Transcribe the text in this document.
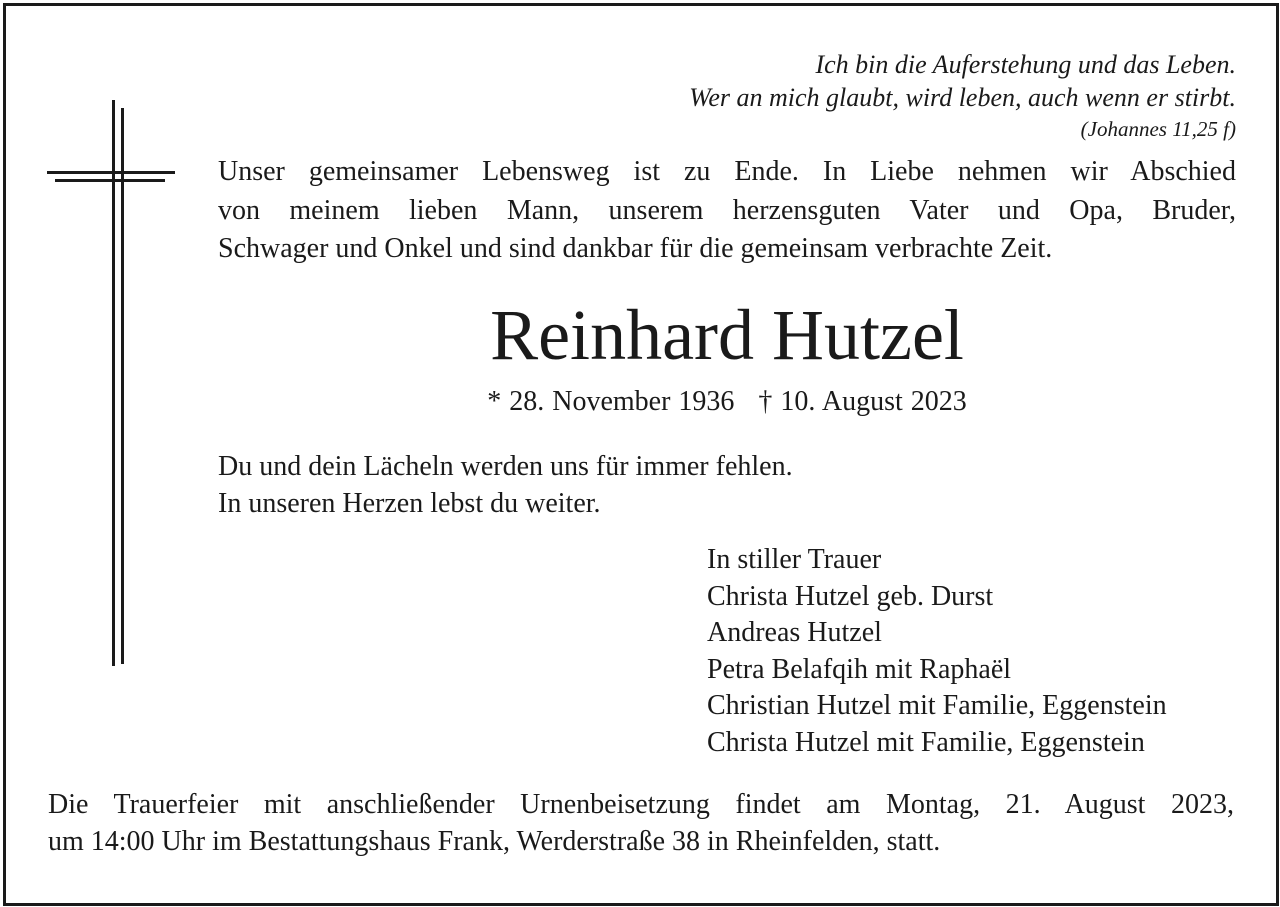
Ich bin die Auferstehung und das Leben.
Wer an mich glaubt, wird leben, auch wenn er stirbt.
(Johannes 11,25 f)
Unser gemeinsamer Lebensweg ist zu Ende. In Liebe nehmen wir Abschied
von meinem lieben Mann, unserem herzensguten Vater und Opa, Bruder,
Schwager und Onkel und sind dankbar für die gemeinsam verbrachte Zeit.
Reinhard Hutzel
* 28. November 1936 † 10. August 2023
Du und dein Lächeln werden uns für immer fehlen.
In unseren Herzen lebst du weiter.
In stiller Trauer
Christa Hutzel geb. Durst
Andreas Hutzel
Petra Belafqih mit Raphaël
Christian Hutzel mit Familie, Eggenstein
Christa Hutzel mit Familie, Eggenstein
Die Trauerfeier mit anschließender Urnenbeisetzung findet am Montag, 21. August 2023,
um 14:00 Uhr im Bestattungshaus Frank, Werderstraße 38 in Rheinfelden, statt.
